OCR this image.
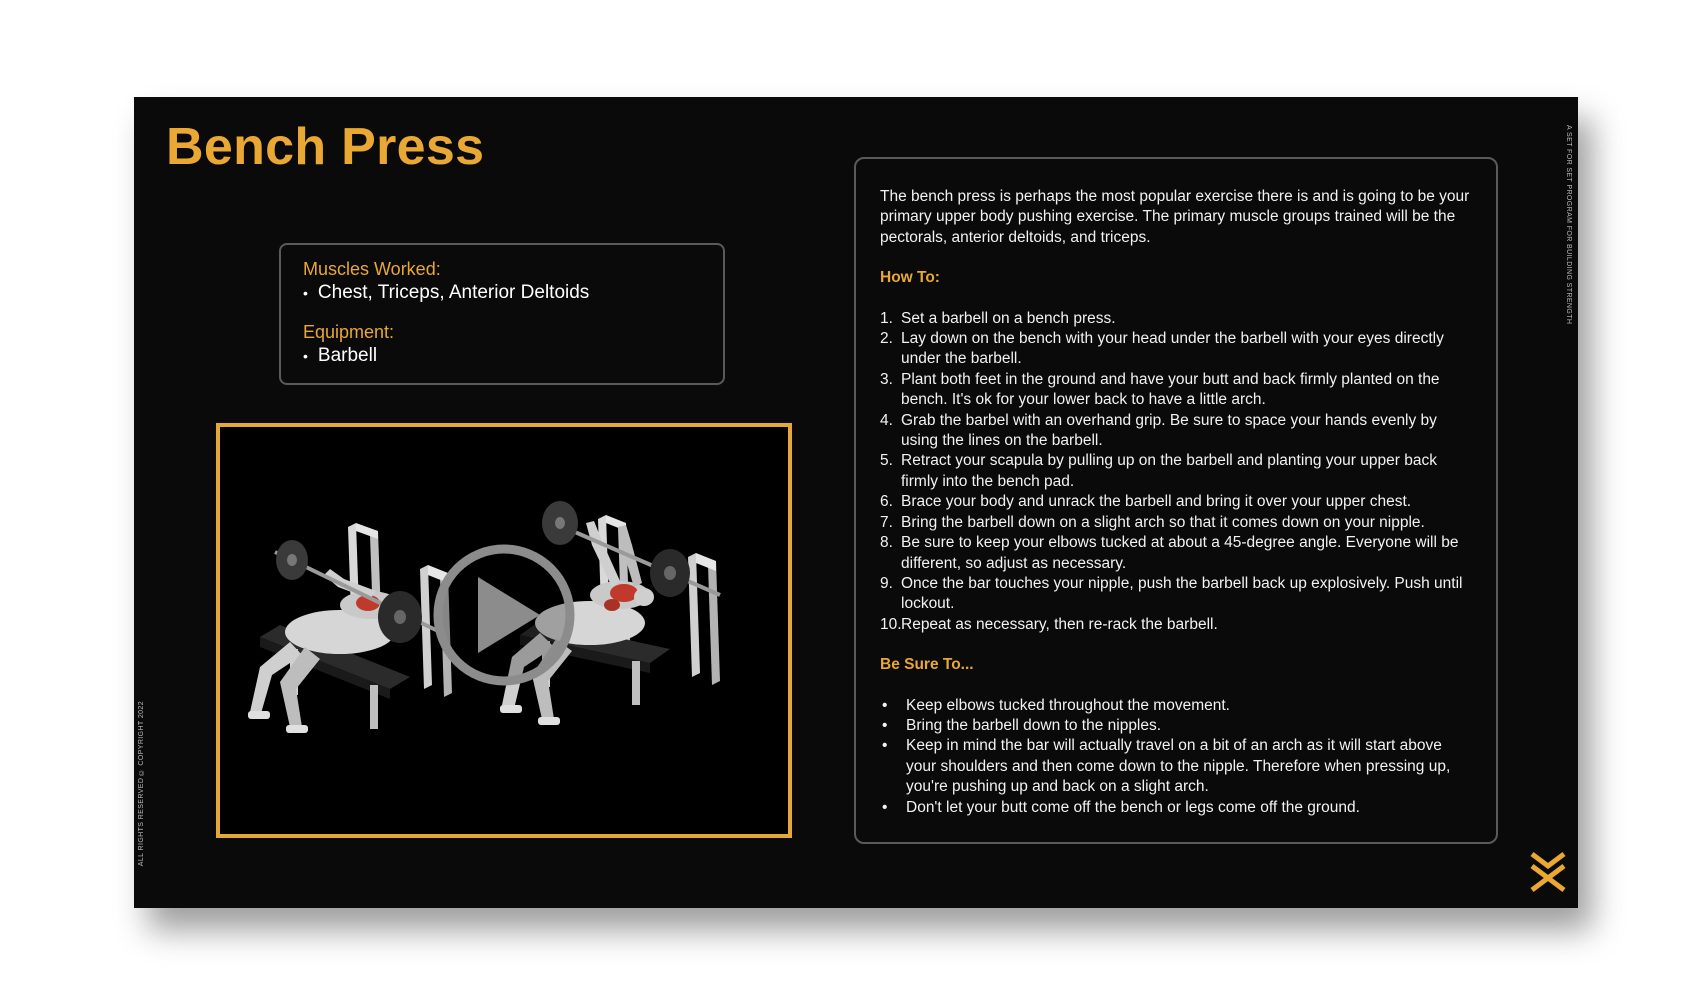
Bench Press

Muscles Worked:

• Chest, Triceps, Anterior Deltoids

Equipment:

• Barbell

The bench press is perhaps the most popular exercise there is and is going to be your primary upper body pushing exercise. The primary muscle groups trained will be the pectorals, anterior deltoids, and triceps.

How To:

1. Set a barbell on a bench press.
2. Lay down on the bench with your head under the barbell with your eyes directly under the barbell.
3. Plant both feet in the ground and have your butt and back firmly planted on the bench. It's ok for your lower back to have a little arch.
4. Grab the barbel with an overhand grip. Be sure to space your hands evenly by using the lines on the barbell.
5. Retract your scapula by pulling up on the barbell and planting your upper back firmly into the bench pad.
6. Brace your body and unrack the barbell and bring it over your upper chest.
7. Bring the barbell down on a slight arch so that it comes down on your nipple.
8. Be sure to keep your elbows tucked at about a 45-degree angle. Everyone will be different, so adjust as necessary.
9. Once the bar touches your nipple, push the barbell back up explosively. Push until lockout.
10. Repeat as necessary, then re-rack the barbell.

Be Sure To...

•	Keep elbows tucked throughout the movement.
•	Bring the barbell down to the nipples.
•	Keep in mind the bar will actually travel on a bit of an arch as it will start above your shoulders and then come down to the nipple. Therefore when pressing up, you're pushing up and back on a slight arch.
•	Don't let your butt come off the bench or legs come off the ground.
A SET FOR SET PROGRAM FOR BUILDING STRENGTH
ALL RIGHTS RESERVED © COPYRIGHT 2022
